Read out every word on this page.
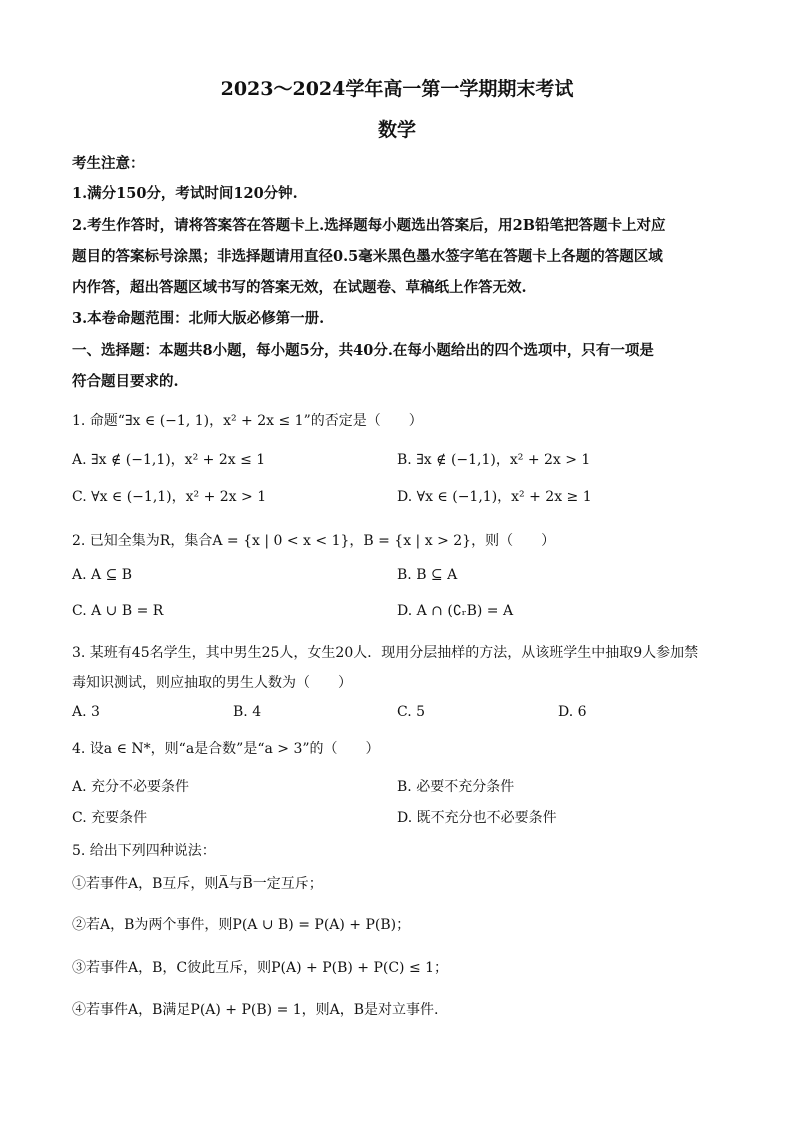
2023～2024学年高一第一学期期末考试
数学
考生注意：
1.满分150分，考试时间120分钟.
2.考生作答时，请将答案答在答题卡上.选择题每小题选出答案后，用2B铅笔把答题卡上对应
题目的答案标号涂黑；非选择题请用直径0.5毫米黑色墨水签字笔在答题卡上各题的答题区域
内作答，超出答题区域书写的答案无效，在试题卷、草稿纸上作答无效.
3.本卷命题范围：北师大版必修第一册.
一、选择题：本题共8小题，每小题5分，共40分.在每小题给出的四个选项中，只有一项是
符合题目要求的.
1. 命题“∃x ∈ (−1, 1)，x² + 2x ≤ 1”的否定是（　　）
A. ∃x ∉ (−1,1)，x² + 2x ≤ 1	B. ∃x ∉ (−1,1)，x² + 2x > 1
C. ∀x ∈ (−1,1)，x² + 2x > 1	D. ∀x ∈ (−1,1)，x² + 2x ≥ 1
2. 已知全集为R，集合A = {x | 0 < x < 1}，B = {x | x > 2}，则（　　）
A. A ⊆ B	B. B ⊆ A
C. A ∪ B = R	D. A ∩ (∁ᵣB) = A
3. 某班有45名学生，其中男生25人，女生20人．现用分层抽样的方法，从该班学生中抽取9人参加禁
毒知识测试，则应抽取的男生人数为（　　）
A. 3	B. 4	C. 5	D. 6
4. 设a ∈ N*，则“a是合数”是“a > 3”的（　　）
A. 充分不必要条件	B. 必要不充分条件
C. 充要条件	D. 既不充分也不必要条件
5. 给出下列四种说法：
①若事件A，B互斥，则A̅与B̅一定互斥；
②若A，B为两个事件，则P(A ∪ B) = P(A) + P(B)；
③若事件A，B，C彼此互斥，则P(A) + P(B) + P(C) ≤ 1；
④若事件A，B满足P(A) + P(B) = 1，则A，B是对立事件.
